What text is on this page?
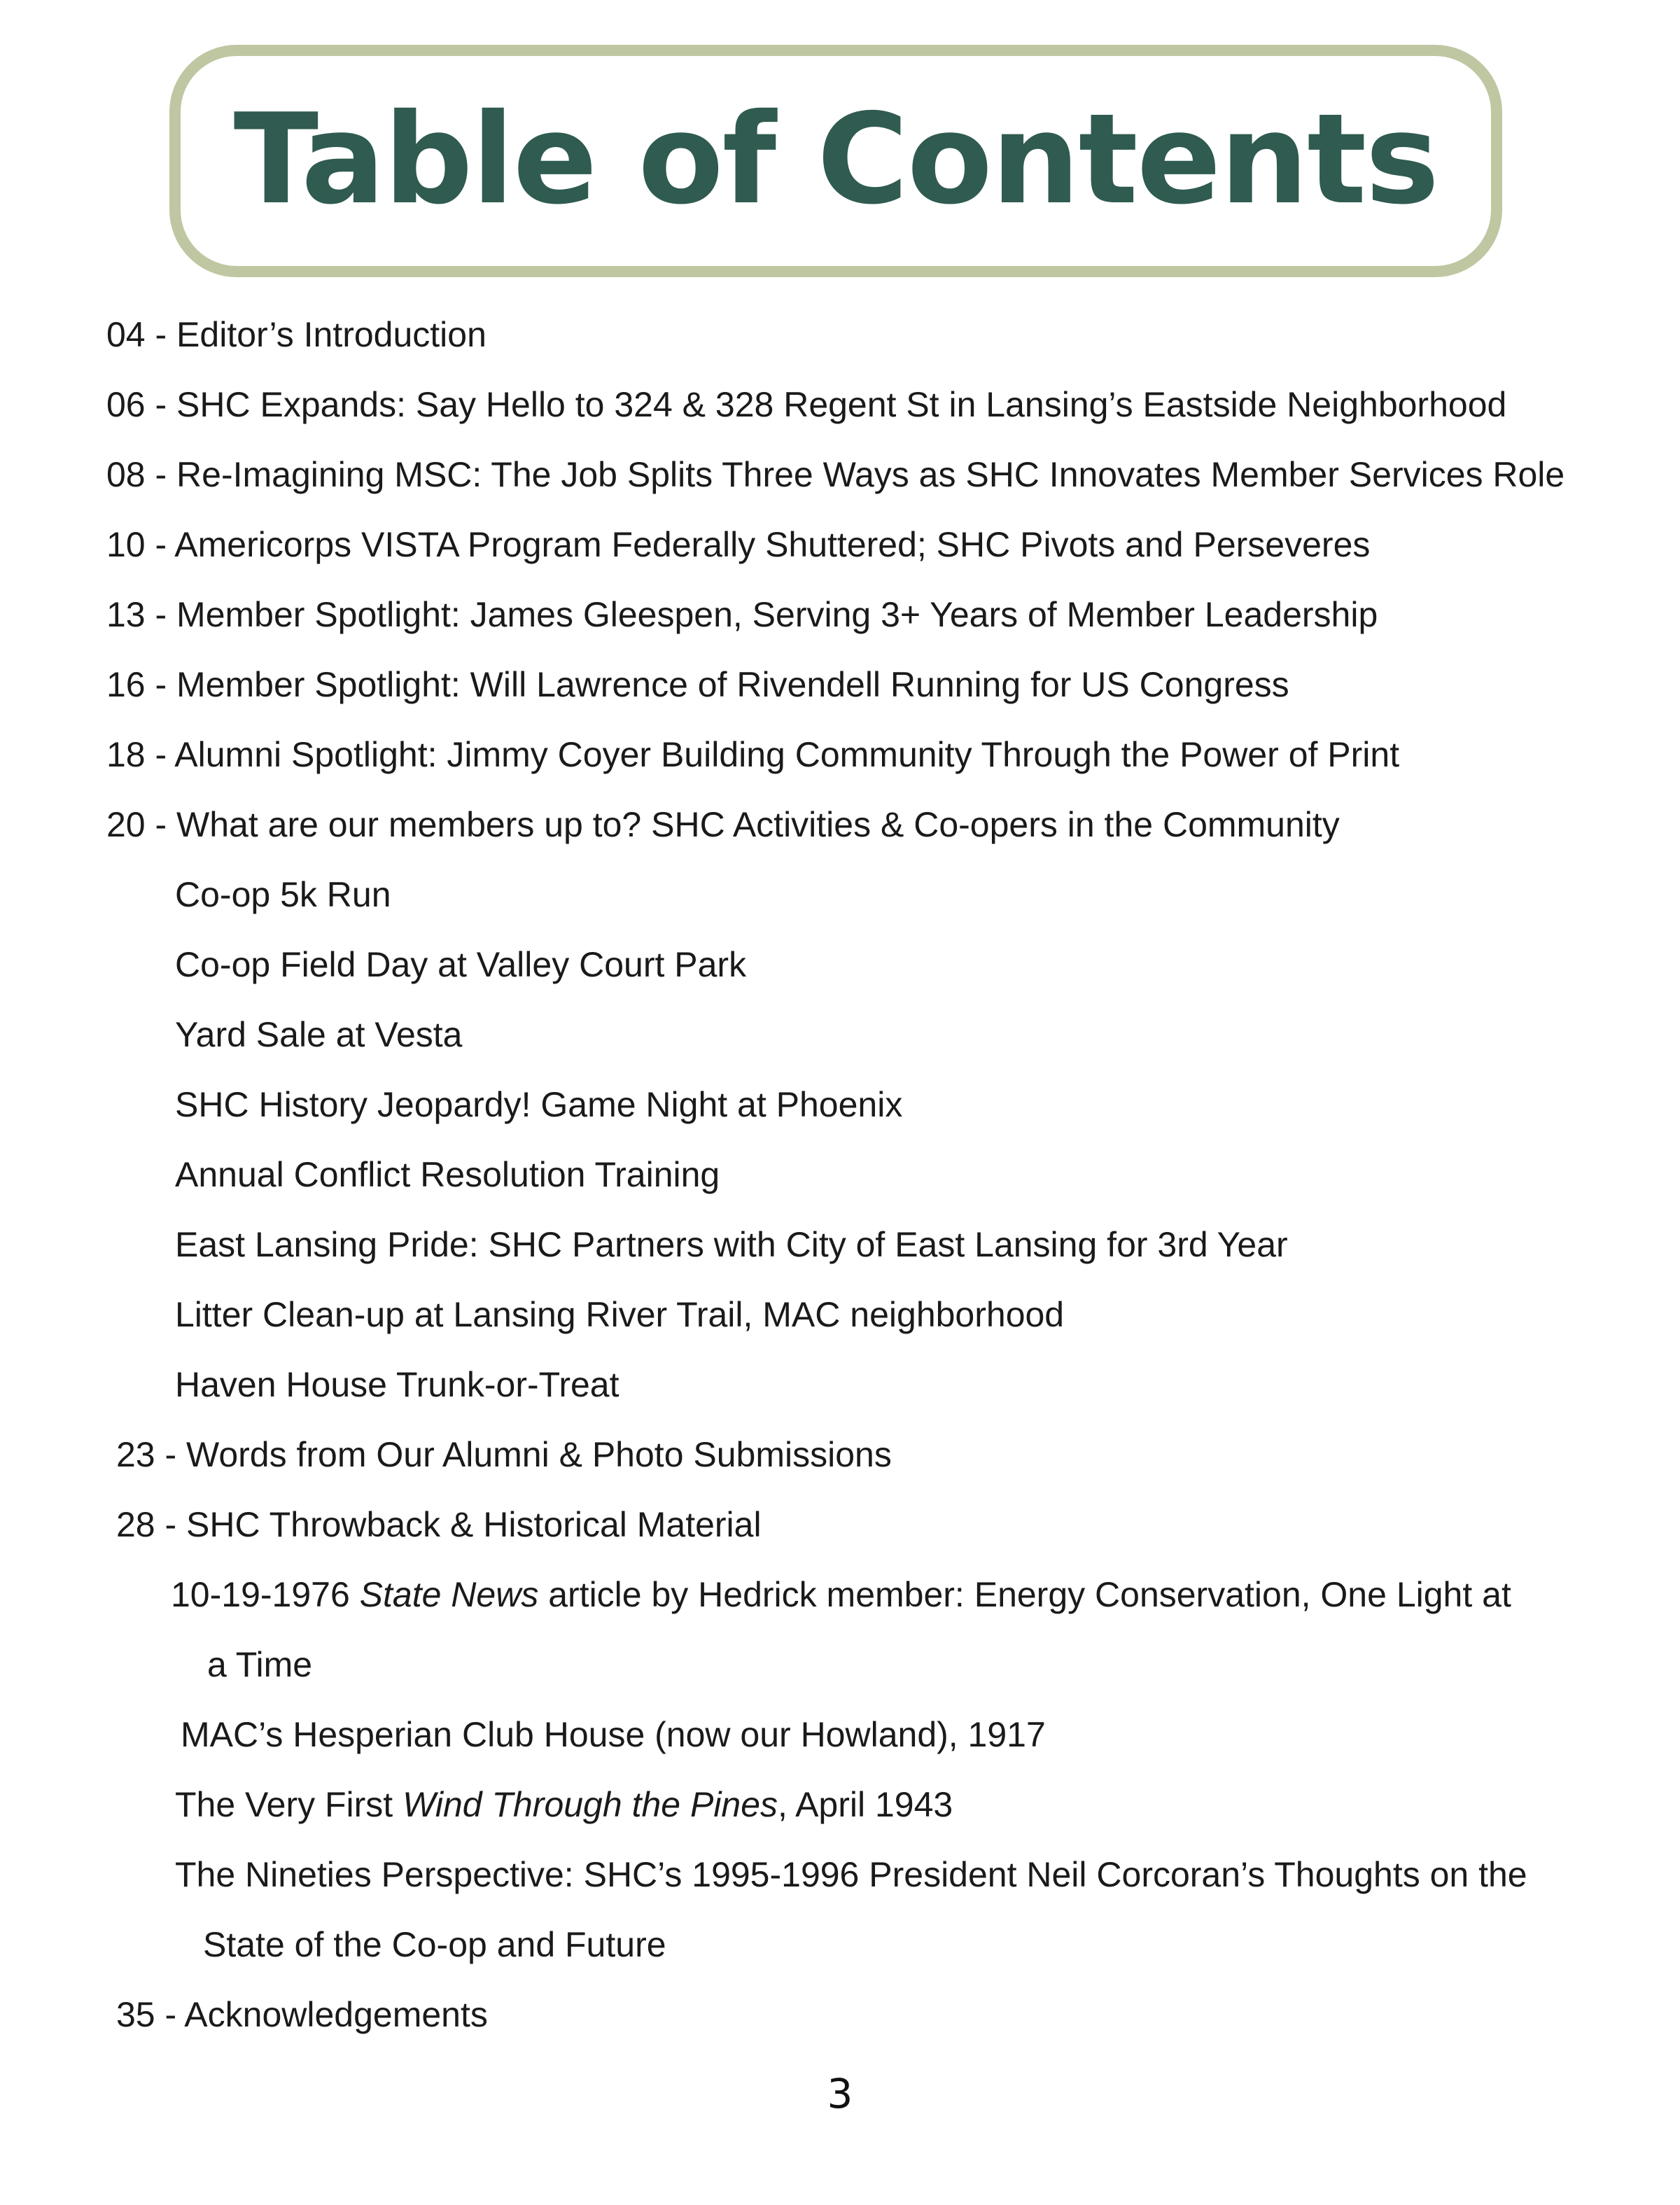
Table of Contents
04 - Editor’s Introduction
06 - SHC Expands: Say Hello to 324 & 328 Regent St in Lansing’s Eastside Neighborhood
08 - Re-Imagining MSC: The Job Splits Three Ways as SHC Innovates Member Services Role
10 - Americorps VISTA Program Federally Shuttered; SHC Pivots and Perseveres
13 - Member Spotlight: James Gleespen, Serving 3+ Years of Member Leadership
16 - Member Spotlight: Will Lawrence of Rivendell Running for US Congress
18 - Alumni Spotlight: Jimmy Coyer Building Community Through the Power of Print
20 - What are our members up to? SHC Activities & Co-opers in the Community
Co-op 5k Run
Co-op Field Day at Valley Court Park
Yard Sale at Vesta
SHC History Jeopardy! Game Night at Phoenix
Annual Conflict Resolution Training
East Lansing Pride: SHC Partners with City of East Lansing for 3rd Year
Litter Clean-up at Lansing River Trail, MAC neighborhood
Haven House Trunk-or-Treat
23 - Words from Our Alumni & Photo Submissions
28 - SHC Throwback & Historical Material
10-19-1976 State News article by Hedrick member: Energy Conservation, One Light at
a Time
MAC’s Hesperian Club House (now our Howland), 1917
The Very First Wind Through the Pines, April 1943
The Nineties Perspective: SHC’s 1995-1996 President Neil Corcoran’s Thoughts on the
State of the Co-op and Future
35 - Acknowledgements
3
